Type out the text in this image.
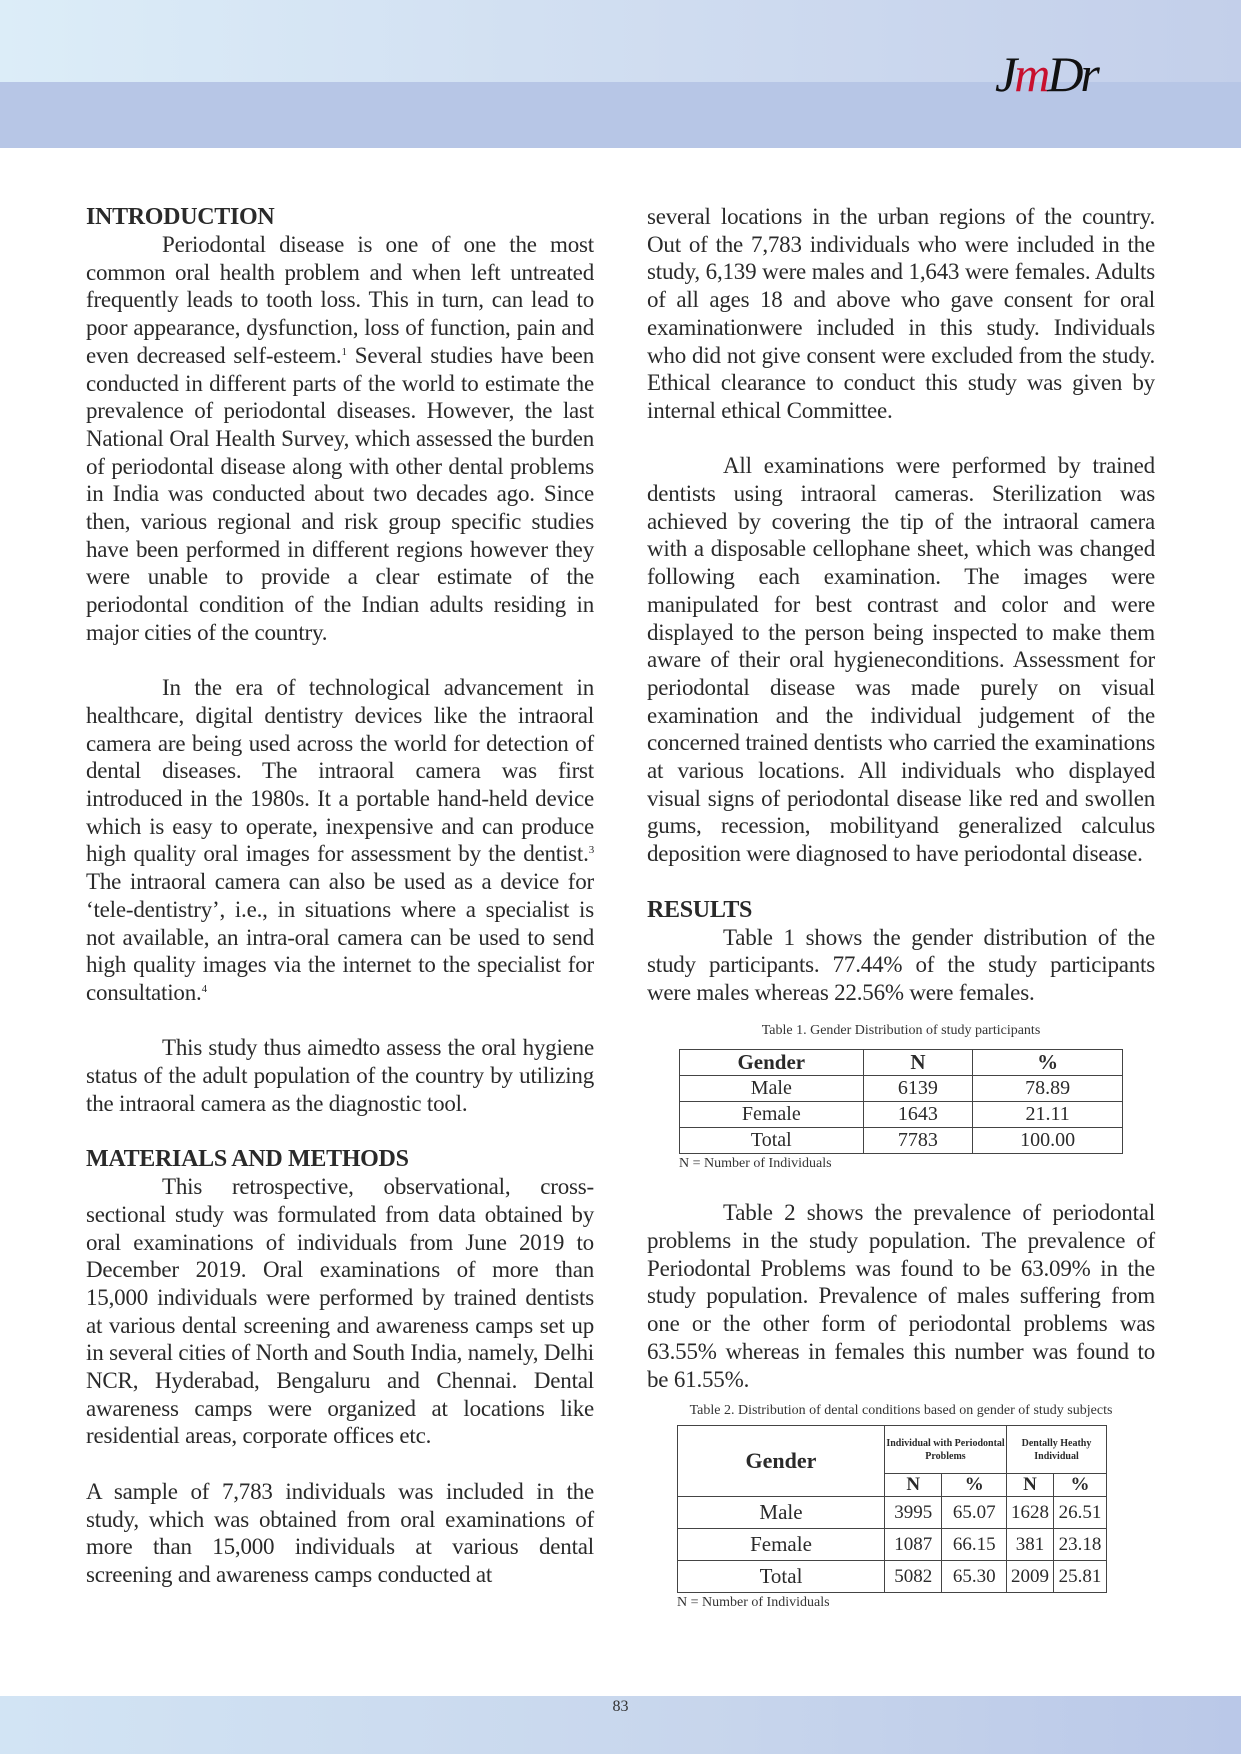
JmDr

INTRODUCTION

Periodontal disease is one of one the most common oral health problem and when left untreated frequently leads to tooth loss. This in turn, can lead to poor appearance, dysfunction, loss of function, pain and even decreased self-esteem.$^1$ Several studies have been conducted in different parts of the world to estimate the prevalence of periodontal diseases. However, the last National Oral Health Survey, which assessed the burden of periodontal disease along with other dental problems in India was conducted about two decades ago. Since then, various regional and risk group specific studies have been performed in different regions however they were unable to provide a clear estimate of the periodontal condition of the Indian adults residing in major cities of the country.

In the era of technological advancement in healthcare, digital dentistry devices like the intraoral camera are being used across the world for detection of dental diseases. The intraoral camera was first introduced in the 1980s. It a portable hand-held device which is easy to operate, inexpensive and can produce high quality oral images for assessment by the dentist.$^3$ The intraoral camera can also be used as a device for ‘tele-dentistry’, i.e., in situations where a specialist is not available, an intra-oral camera can be used to send high quality images via the internet to the specialist for consultation.$^4$

This study thus aimedto assess the oral hygiene status of the adult population of the country by utilizing the intraoral camera as the diagnostic tool.

MATERIALS AND METHODS

This retrospective, observational, cross-sectional study was formulated from data obtained by oral examinations of individuals from June 2019 to December 2019. Oral examinations of more than 15,000 individuals were performed by trained dentists at various dental screening and awareness camps set up in several cities of North and South India, namely, Delhi NCR, Hyderabad, Bengaluru and Chennai. Dental awareness camps were organized at locations like residential areas, corporate offices etc.

A sample of 7,783 individuals was included in the study, which was obtained from oral examinations of more than 15,000 individuals at various dental screening and awareness camps conducted at

several locations in the urban regions of the country. Out of the 7,783 individuals who were included in the study, 6,139 were males and 1,643 were females. Adults of all ages 18 and above who gave consent for oral examinationwere included in this study. Individuals who did not give consent were excluded from the study. Ethical clearance to conduct this study was given by internal ethical Committee.

All examinations were performed by trained dentists using intraoral cameras. Sterilization was achieved by covering the tip of the intraoral camera with a disposable cellophane sheet, which was changed following each examination. The images were manipulated for best contrast and color and were displayed to the person being inspected to make them aware of their oral hygieneconditions. Assessment for periodontal disease was made purely on visual examination and the individual judgement of the concerned trained dentists who carried the examinations at various locations. All individuals who displayed visual signs of periodontal disease like red and swollen gums, recession, mobilityand generalized calculus deposition were diagnosed to have periodontal disease.

RESULTS

Table 1 shows the gender distribution of the study participants. 77.44% of the study participants were males whereas 22.56% were females.

Table 1. Gender Distribution of study participants
Gender	N	%
Male	6139	78.89
Female	1643	21.11
Total	7783	100.00
N = Number of Individuals

Table 2 shows the prevalence of periodontal problems in the study population. The prevalence of Periodontal Problems was found to be 63.09% in the study population. Prevalence of males suffering from one or the other form of periodontal problems was 63.55% whereas in females this number was found to be 61.55%.

Table 2. Distribution of dental conditions based on gender of study subjects
Gender	Individual with Periodontal Problems		Dentally Heathy Individual	
	N	%	N	%
Male	3995	65.07	1628	26.51
Female	1087	66.15	381	23.18
Total	5082	65.30	2009	25.81
N = Number of Individuals
83
